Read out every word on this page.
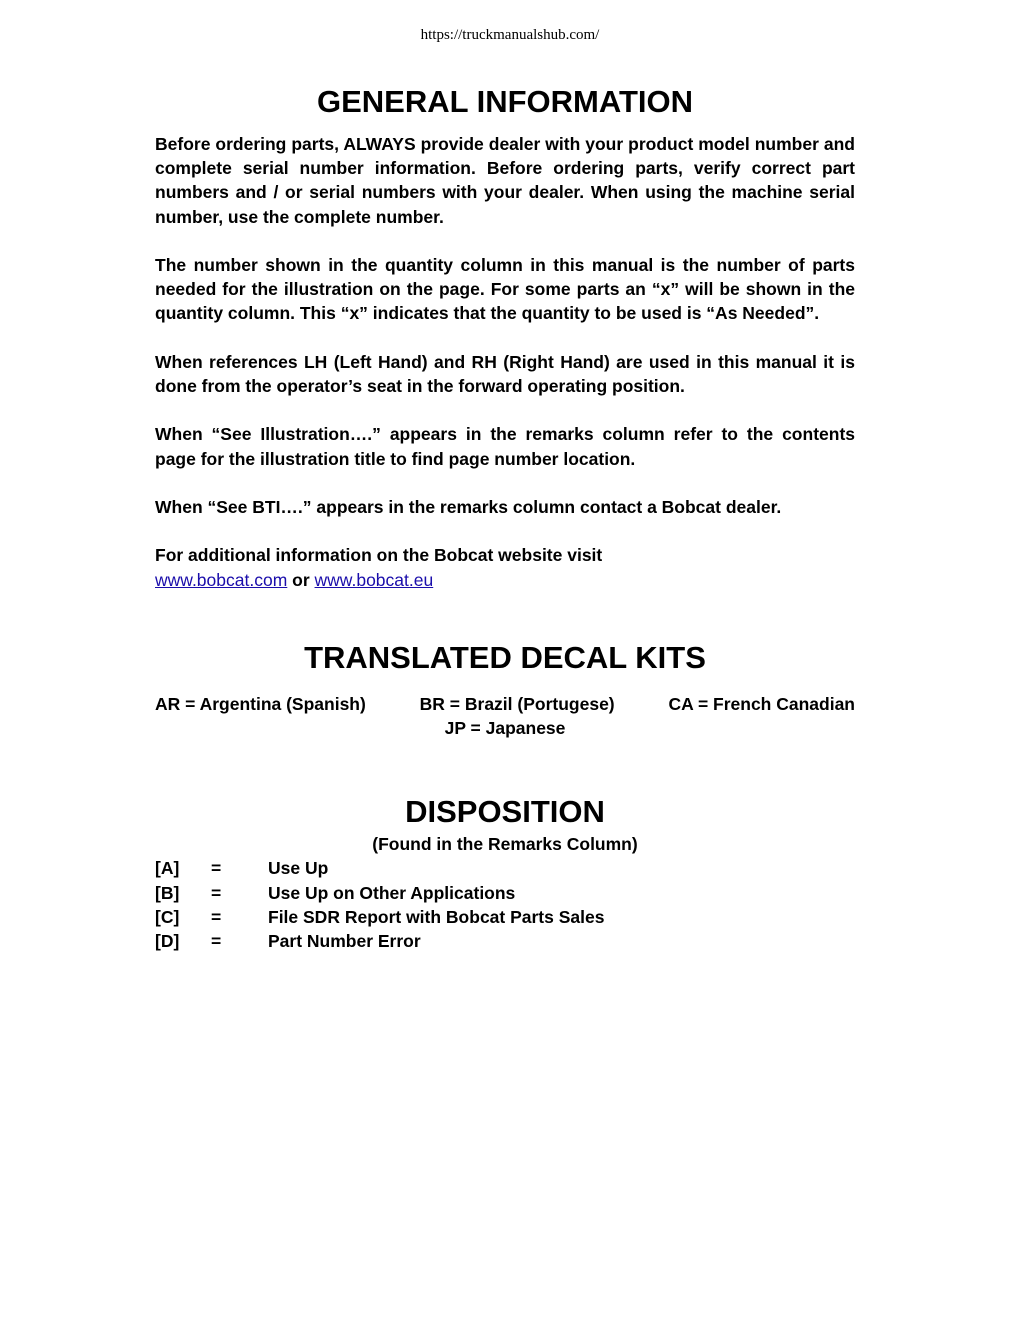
https://truckmanualshub.com/
GENERAL INFORMATION

Before ordering parts, ALWAYS provide dealer with your product model number and complete serial number information. Before ordering parts, verify correct part numbers and / or serial numbers with your dealer. When using the machine serial number, use the complete number.

The number shown in the quantity column in this manual is the number of parts needed for the illustration on the page. For some parts an “x” will be shown in the quantity column. This “x” indicates that the quantity to be used is “As Needed”.

When references LH (Left Hand) and RH (Right Hand) are used in this manual it is done from the operator’s seat in the forward operating position.

When “See Illustration….” appears in the remarks column refer to the contents page for the illustration title to find page number location.

When “See BTI….” appears in the remarks column contact a Bobcat dealer.

For additional information on the Bobcat website visit
www.bobcat.com or www.bobcat.eu

TRANSLATED DECAL KITS
AR = Argentina (Spanish)	BR = Brazil (Portugese)	CA = French Canadian
JP = Japanese
DISPOSITION
(Found in the Remarks Column)
[A]	=	Use Up
[B]	=	Use Up on Other Applications
[C]	=	File SDR Report with Bobcat Parts Sales
[D]	=	Part Number Error
